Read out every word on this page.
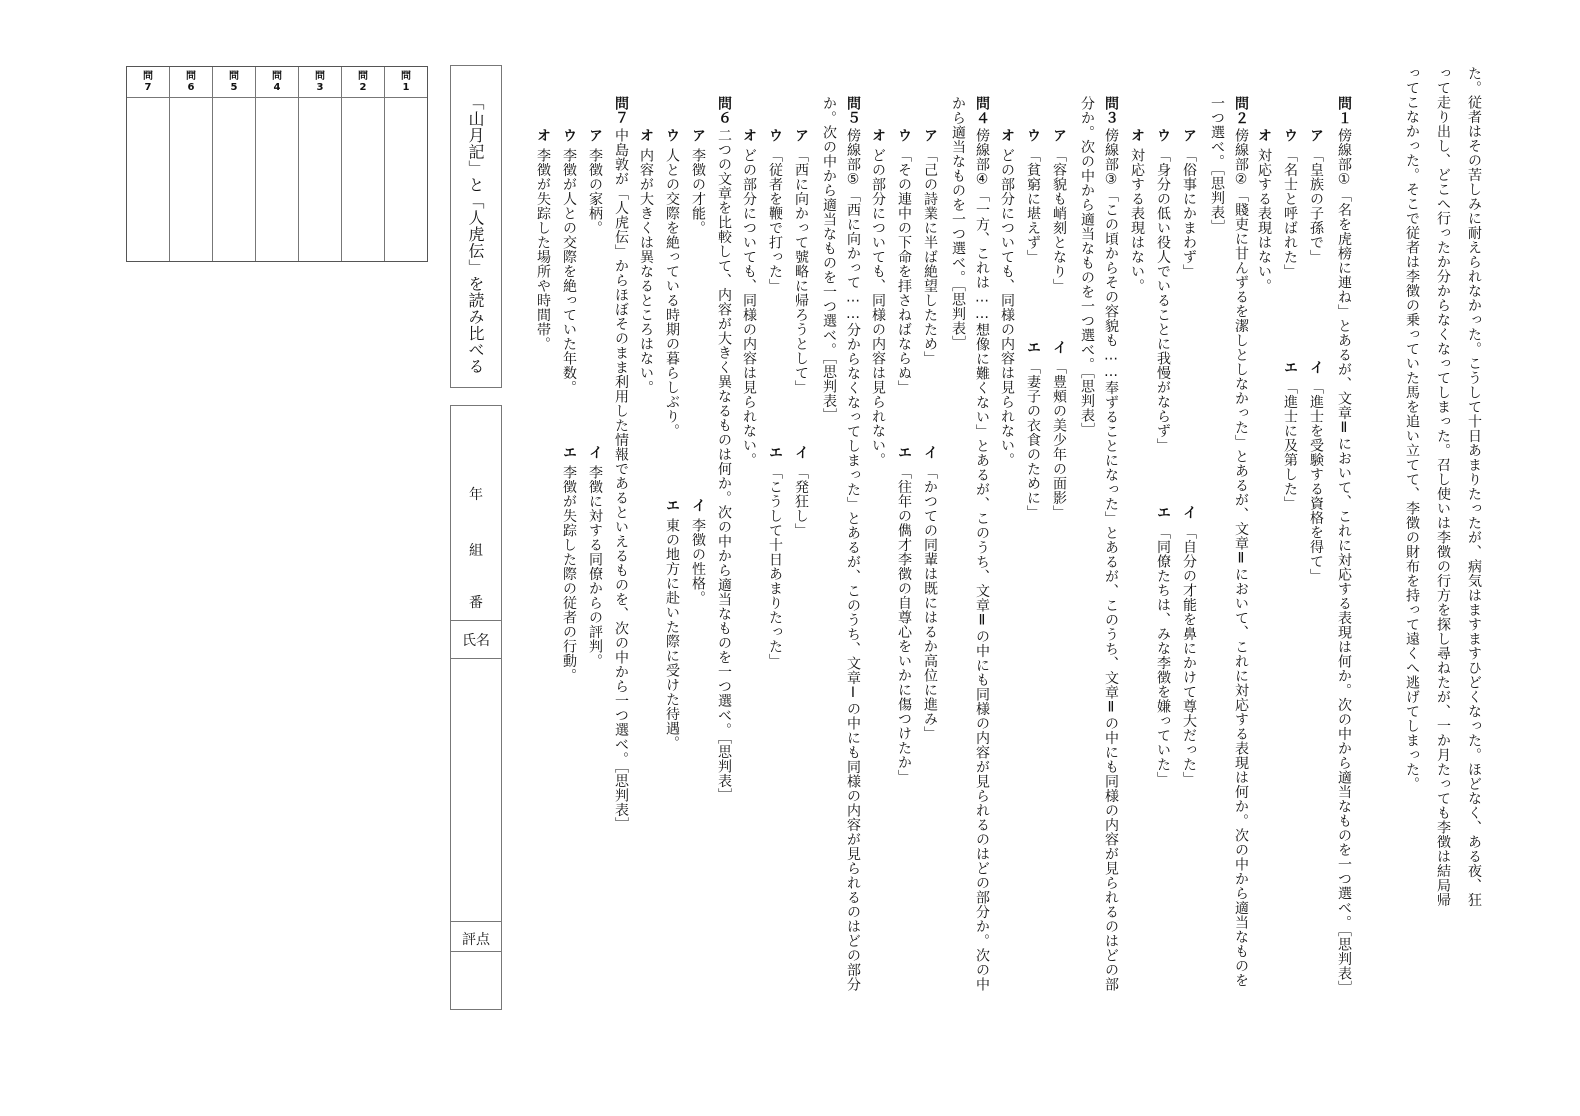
た。従者はその苦しみに耐えられなかった。こうして十日あまりたったが、病気はますますひどくなった。ほどなく、ある夜、狂
って走り出し、どこへ行ったか分からなくなってしまった。召し使いは李徴の行方を探し尋ねたが、一か月たっても李徴は結局帰
ってこなかった。そこで従者は李徴の乗っていた馬を追い立てて、李徴の財布を持って遠くへ逃げてしまった。
問１
傍線部①「名を虎榜に連ね」とあるが、文章Ⅱにおいて、これに対応する表現は何か。次の中から適当なものを一つ選べ。［思判表］
ア
「皇族の子孫で」
イ
「進士を受験する資格を得て」
ウ
「名士と呼ばれた」
エ
「進士に及第した」
オ
対応する表現はない。
問２
傍線部②「賤吏に甘んずるを潔しとしなかった」とあるが、文章Ⅱにおいて、これに対応する表現は何か。次の中から適当なものを
一つ選べ。［思判表］
ア
「俗事にかまわず」
イ
「自分の才能を鼻にかけて尊大だった」
ウ
「身分の低い役人でいることに我慢がならず」
エ
「同僚たちは、みな李徴を嫌っていた」
オ
対応する表現はない。
問３
傍線部③「この頃からその容貌も……奉ずることになった」とあるが、このうち、文章Ⅱの中にも同様の内容が見られるのはどの部
分か。次の中から適当なものを一つ選べ。［思判表］
ア
「容貌も峭刻となり」
イ
「豊頰の美少年の面影」
ウ
「貧窮に堪えず」
エ
「妻子の衣食のために」
オ
どの部分についても、同様の内容は見られない。
問４
傍線部④「一方、これは……想像に難くない」とあるが、このうち、文章Ⅱの中にも同様の内容が見られるのはどの部分か。次の中
から適当なものを一つ選べ。［思判表］
ア
「己の詩業に半ば絶望したため」
イ
「かつての同輩は既にはるか高位に進み」
ウ
「その連中の下命を拝さねばならぬ」
エ
「往年の儁才李徴の自尊心をいかに傷つけたか」
オ
どの部分についても、同様の内容は見られない。
問５
傍線部⑤「西に向かって……分からなくなってしまった」とあるが、このうち、文章Ⅰの中にも同様の内容が見られるのはどの部分
か。次の中から適当なものを一つ選べ。［思判表］
ア
「西に向かって號略に帰ろうとして」
イ
「発狂し」
ウ
「従者を鞭で打った」
エ
「こうして十日あまりたった」
オ
どの部分についても、同様の内容は見られない。
問６
二つの文章を比較して、内容が大きく異なるものは何か。次の中から適当なものを一つ選べ。［思判表］
ア
李徴の才能。
イ
李徴の性格。
ウ
人との交際を絶っている時期の暮らしぶり。
エ
東の地方に赴いた際に受けた待遇。
オ
内容が大きくは異なるところはない。
問７
中島敦が「人虎伝」からほぼそのまま利用した情報であるといえるものを、次の中から一つ選べ。［思判表］
ア
李徴の家柄。
イ
李徴に対する同僚からの評判。
ウ
李徴が人との交際を絶っていた年数。
エ
李徴が失踪した際の従者の行動。
オ
李徴が失踪した場所や時間帯。
「山月記」と「人虎伝」を読み比べる
年
組
番
氏名
評点
問
1
問
2
問
3
問
4
問
5
問
6
問
7
